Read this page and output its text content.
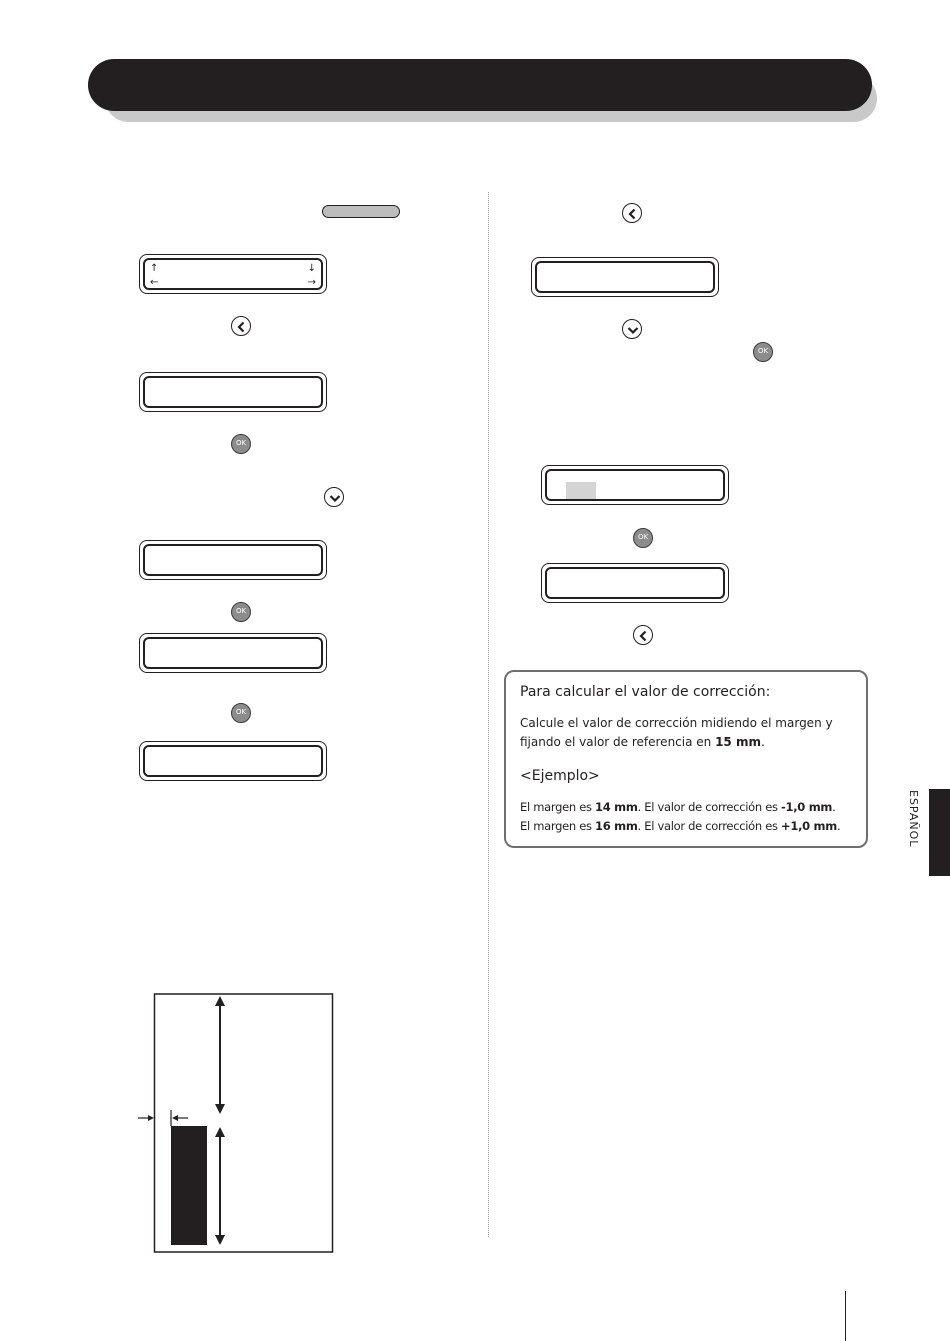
↑	↓
←	→
OK
OK
OK
OK
OK
Para calcular el valor de corrección:
Calcule el valor de corrección midiendo el margen y fijando el valor de referencia en 15 mm.
<Ejemplo>
El margen es 14 mm. El valor de corrección es -1,0 mm.
El margen es 16 mm. El valor de corrección es +1,0 mm.	ESPAÑOL
